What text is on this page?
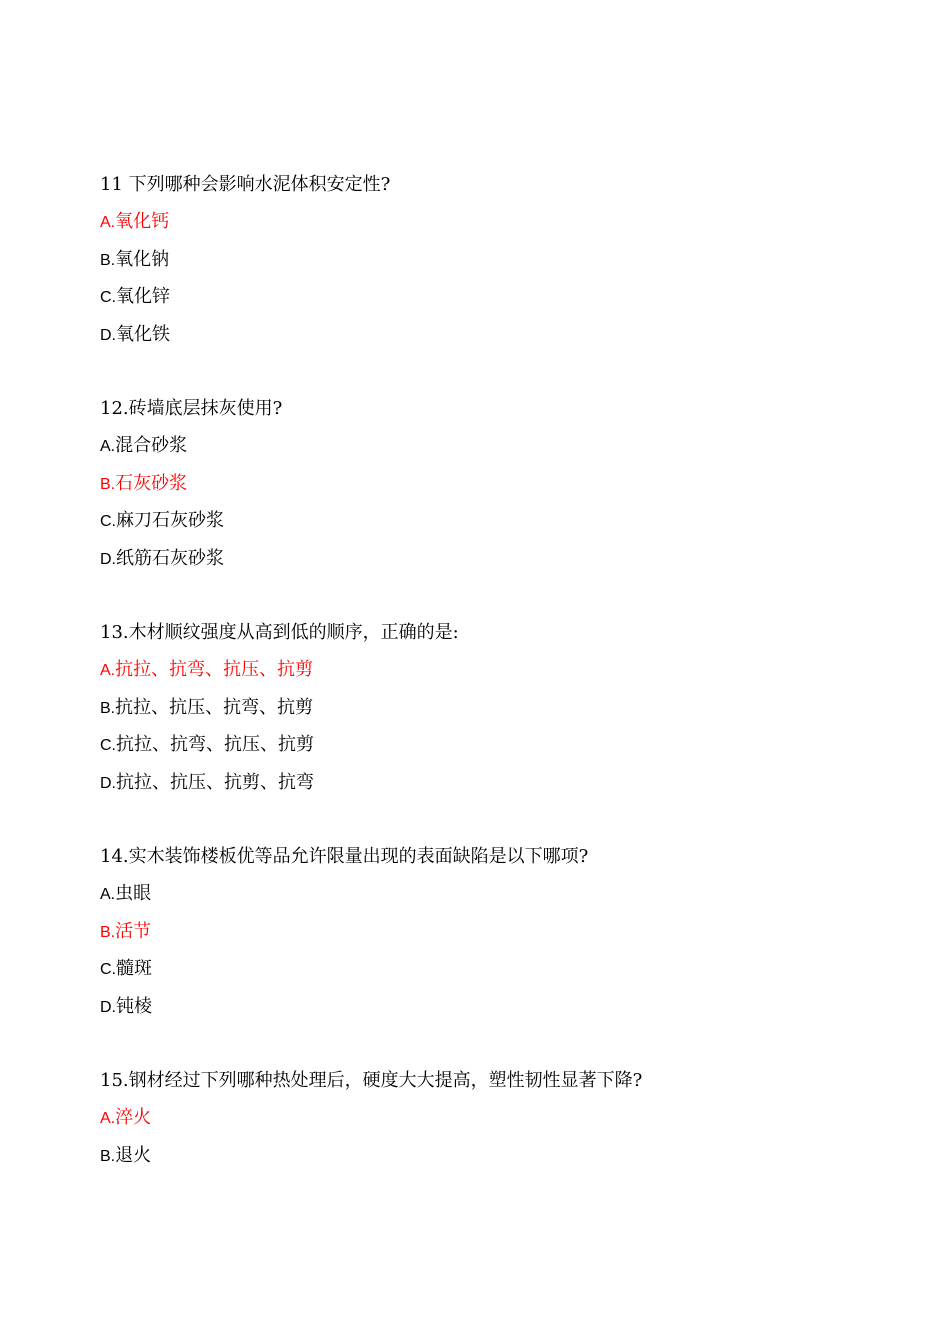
11 下列哪种会影响水泥体积安定性?
A.氧化钙
B.氧化钠
C.氧化锌
D.氧化铁
12.砖墙底层抹灰使用?
A.混合砂浆
B.石灰砂浆
C.麻刀石灰砂浆
D.纸筋石灰砂浆
13.木材顺纹强度从高到低的顺序，正确的是:
A.抗拉、抗弯、抗压、抗剪
B.抗拉、抗压、抗弯、抗剪
C.抗拉、抗弯、抗压、抗剪
D.抗拉、抗压、抗剪、抗弯
14.实木装饰楼板优等品允许限量出现的表面缺陷是以下哪项?
A.虫眼
B.活节
C.髓斑
D.钝棱
15.钢材经过下列哪种热处理后，硬度大大提高，塑性韧性显著下降?
A.淬火
B.退火
